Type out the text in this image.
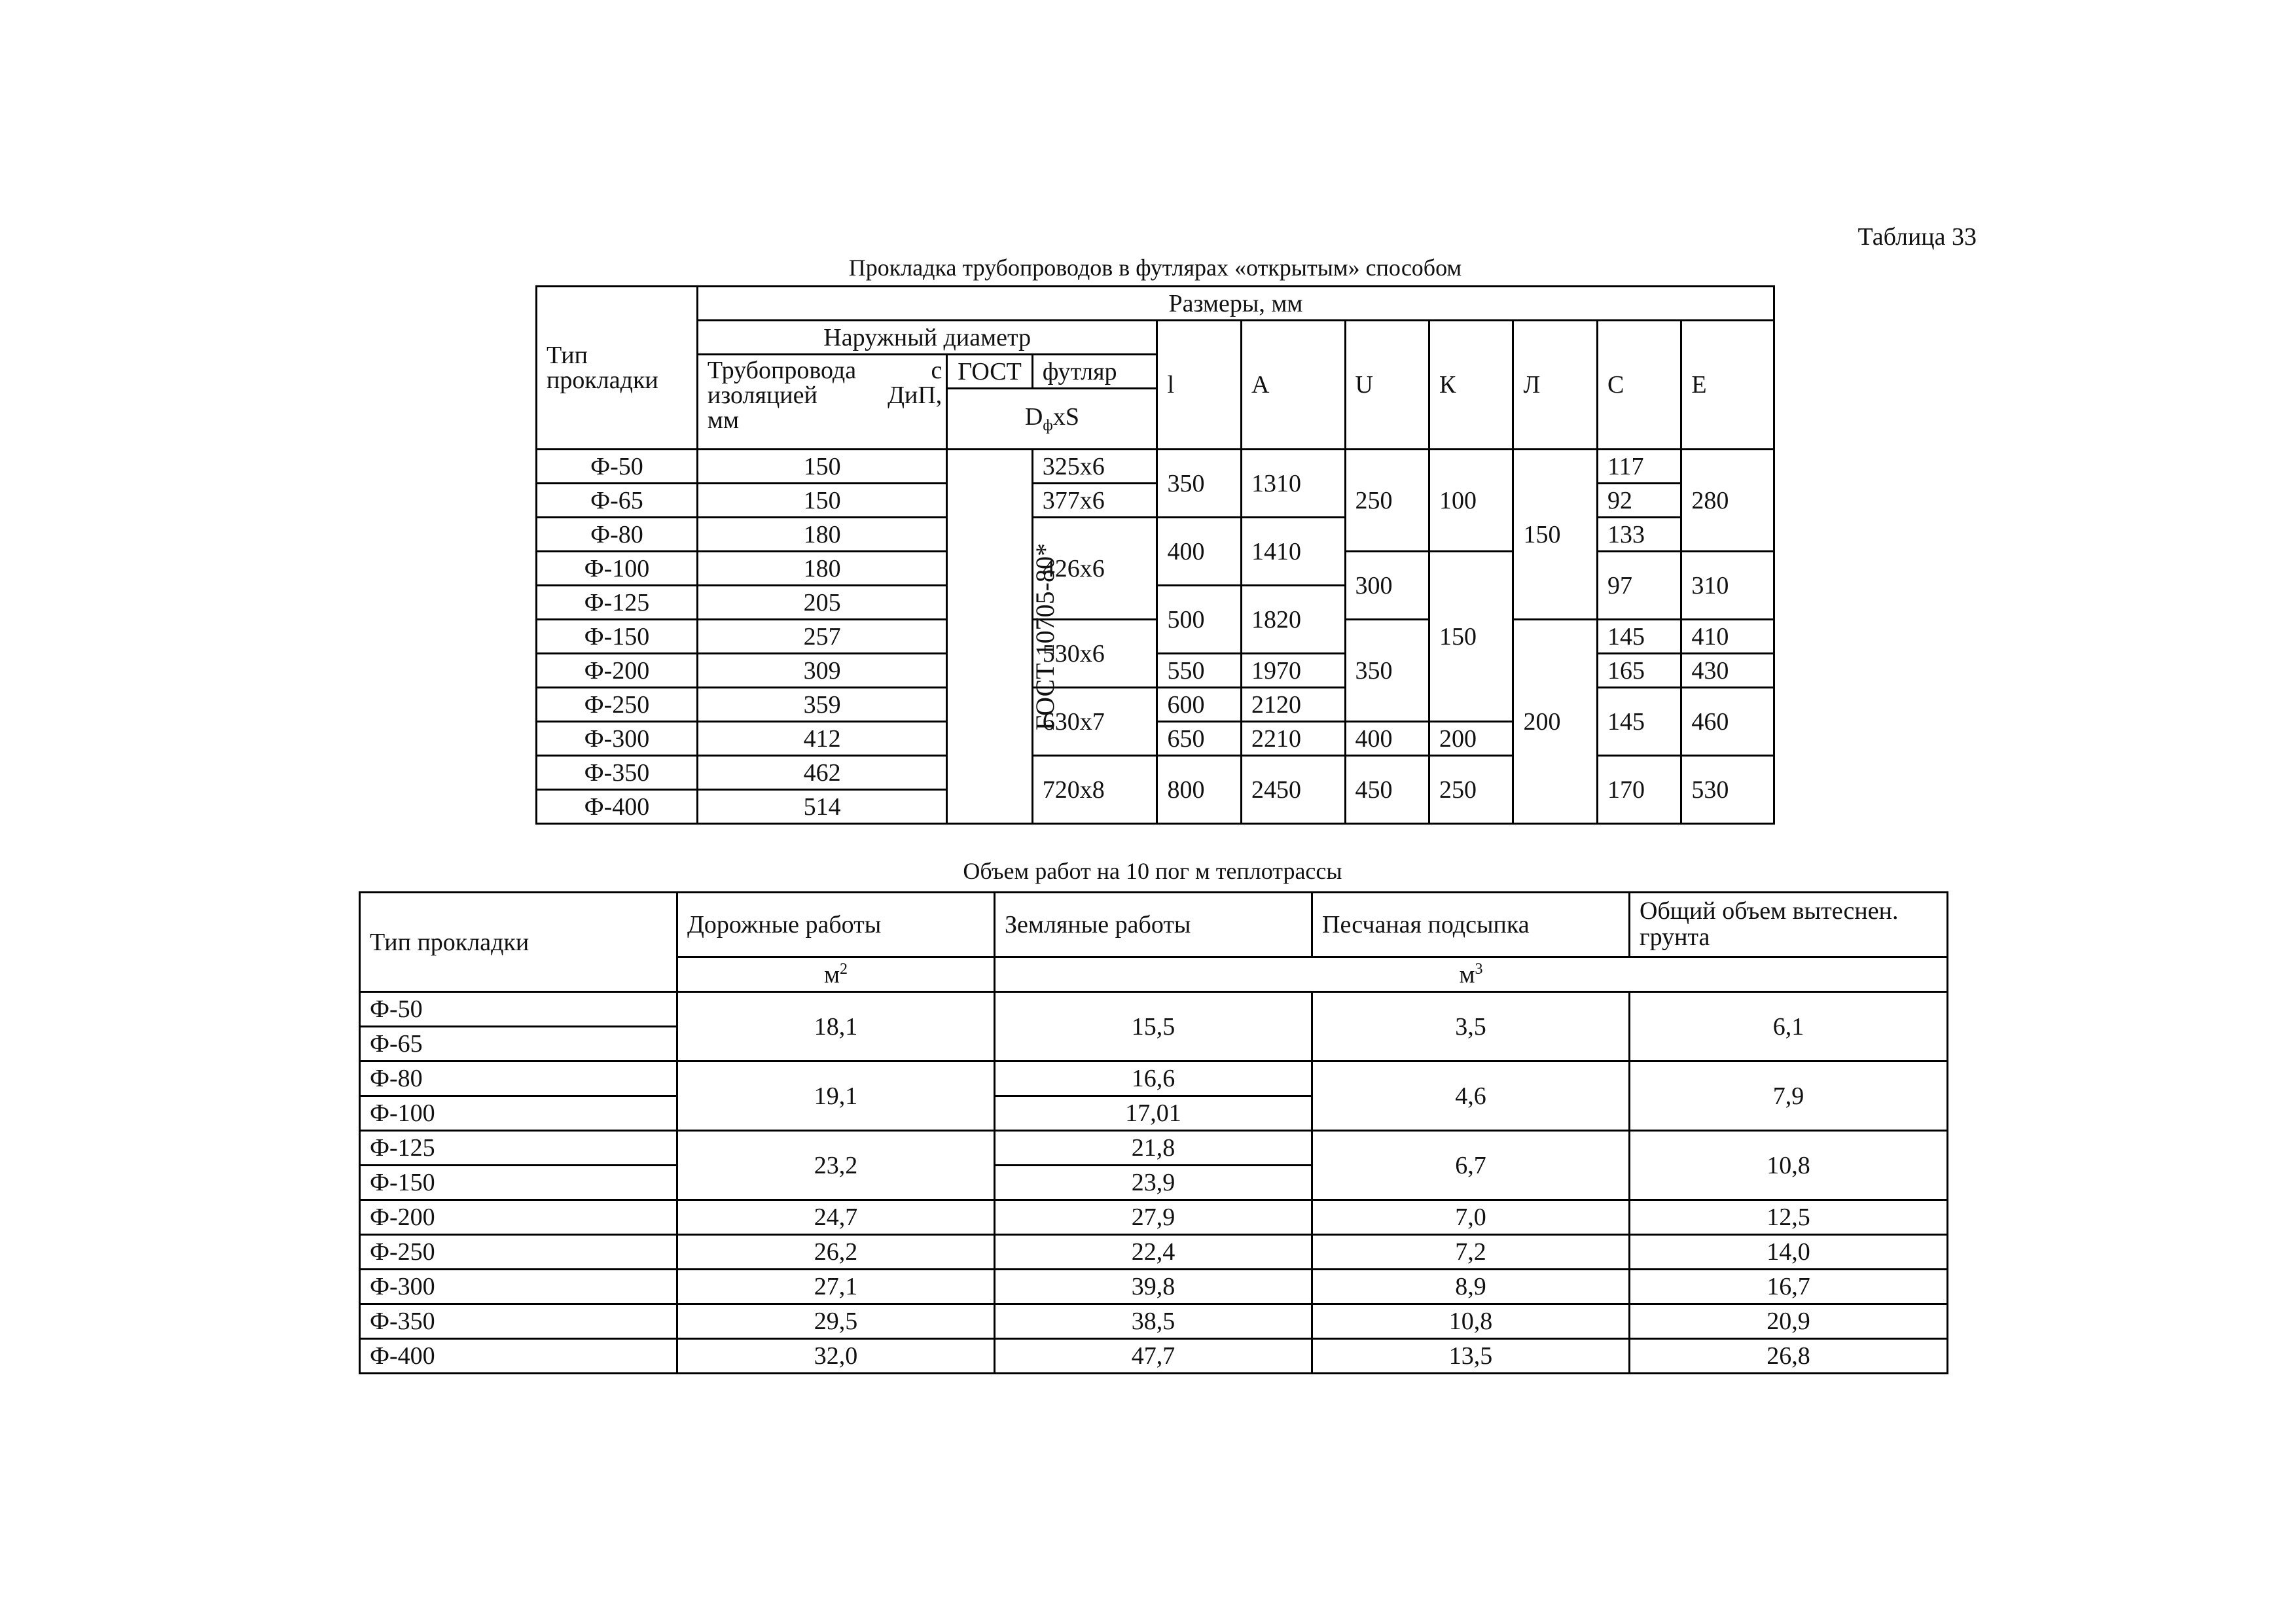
Таблица 33
Прокладка трубопроводов в футлярах «открытым» способом
Тип прокладки	Размеры, мм									
	Наружный диаметр			l	A	U	К	Л	С	Е

	Трубопровода с
изоляцией ДиП,
мм	ГОСТ	футляр							
		$D_фxS$								
Ф-50	150	ГОСТ 10705-80*	325x6	350	1310	250	100	150	117	280
Ф-65	150		377x6						92	
Ф-80	180		426x6	400	1410				133	
Ф-100	180					300	150		97	310
Ф-125	205			500	1820					
Ф-150	257		530x6			350		200	145	410
Ф-200	309			550	1970				165	430
Ф-250	359		630x7	600	2120				145	460
Ф-300	412			650	2210	400	200			
Ф-350	462		720x8	800	2450	450	250		170	530
Ф-400	514									
Объем работ на 10 пог м теплотрассы
Тип прокладки	Дорожные работы	Земляные работы	Песчаная подсыпка	Общий объем вытеснен. грунта
	$м^2$	$м^3$
Ф-50	18,1	15,5	3,5	6,1
Ф-65				
Ф-80	19,1	16,6	4,6	7,9
Ф-100		17,01		
Ф-125	23,2	21,8	6,7	10,8
Ф-150		23,9		
Ф-200	24,7	27,9	7,0	12,5
Ф-250	26,2	22,4	7,2	14,0
Ф-300	27,1	39,8	8,9	16,7
Ф-350	29,5	38,5	10,8	20,9
Ф-400	32,0	47,7	13,5	26,8
